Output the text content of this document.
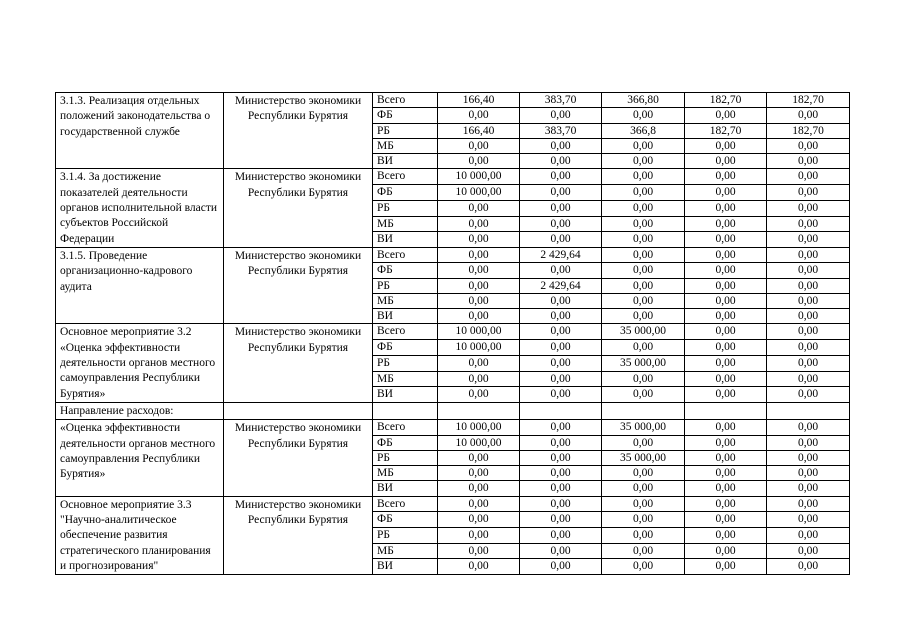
3.1.3. Реализация отдельных положений законодательства о государственной службе	Министерство экономики Республики Бурятия	Всего	166,40	383,70	366,80	182,70	182,70
		ФБ	0,00	0,00	0,00	0,00	0,00
		РБ	166,40	383,70	366,8	182,70	182,70
		МБ	0,00	0,00	0,00	0,00	0,00
		ВИ	0,00	0,00	0,00	0,00	0,00
3.1.4. За достижение показателей деятельности органов исполнительной власти субъектов Российской Федерации	Министерство экономики Республики Бурятия	Всего	10 000,00	0,00	0,00	0,00	0,00
		ФБ	10 000,00	0,00	0,00	0,00	0,00
		РБ	0,00	0,00	0,00	0,00	0,00
		МБ	0,00	0,00	0,00	0,00	0,00
		ВИ	0,00	0,00	0,00	0,00	0,00
3.1.5. Проведение организационно-кадрового аудита	Министерство экономики Республики Бурятия	Всего	0,00	2 429,64	0,00	0,00	0,00
		ФБ	0,00	0,00	0,00	0,00	0,00
		РБ	0,00	2 429,64	0,00	0,00	0,00
		МБ	0,00	0,00	0,00	0,00	0,00
		ВИ	0,00	0,00	0,00	0,00	0,00
Основное мероприятие 3.2 «Оценка эффективности деятельности органов местного самоуправления Республики Бурятия»	Министерство экономики Республики Бурятия	Всего	10 000,00	0,00	35 000,00	0,00	0,00
		ФБ	10 000,00	0,00	0,00	0,00	0,00
		РБ	0,00	0,00	35 000,00	0,00	0,00
		МБ	0,00	0,00	0,00	0,00	0,00
		ВИ	0,00	0,00	0,00	0,00	0,00
Направление расходов:							
«Оценка эффективности деятельности органов местного самоуправления Республики Бурятия»	Министерство экономики Республики Бурятия	Всего	10 000,00	0,00	35 000,00	0,00	0,00
		ФБ	10 000,00	0,00	0,00	0,00	0,00
		РБ	0,00	0,00	35 000,00	0,00	0,00
		МБ	0,00	0,00	0,00	0,00	0,00
		ВИ	0,00	0,00	0,00	0,00	0,00
Основное мероприятие 3.3 "Научно-аналитическое обеспечение развития стратегического планирования и прогнозирования"	Министерство экономики Республики Бурятия	Всего	0,00	0,00	0,00	0,00	0,00
		ФБ	0,00	0,00	0,00	0,00	0,00
		РБ	0,00	0,00	0,00	0,00	0,00
		МБ	0,00	0,00	0,00	0,00	0,00
		ВИ	0,00	0,00	0,00	0,00	0,00
